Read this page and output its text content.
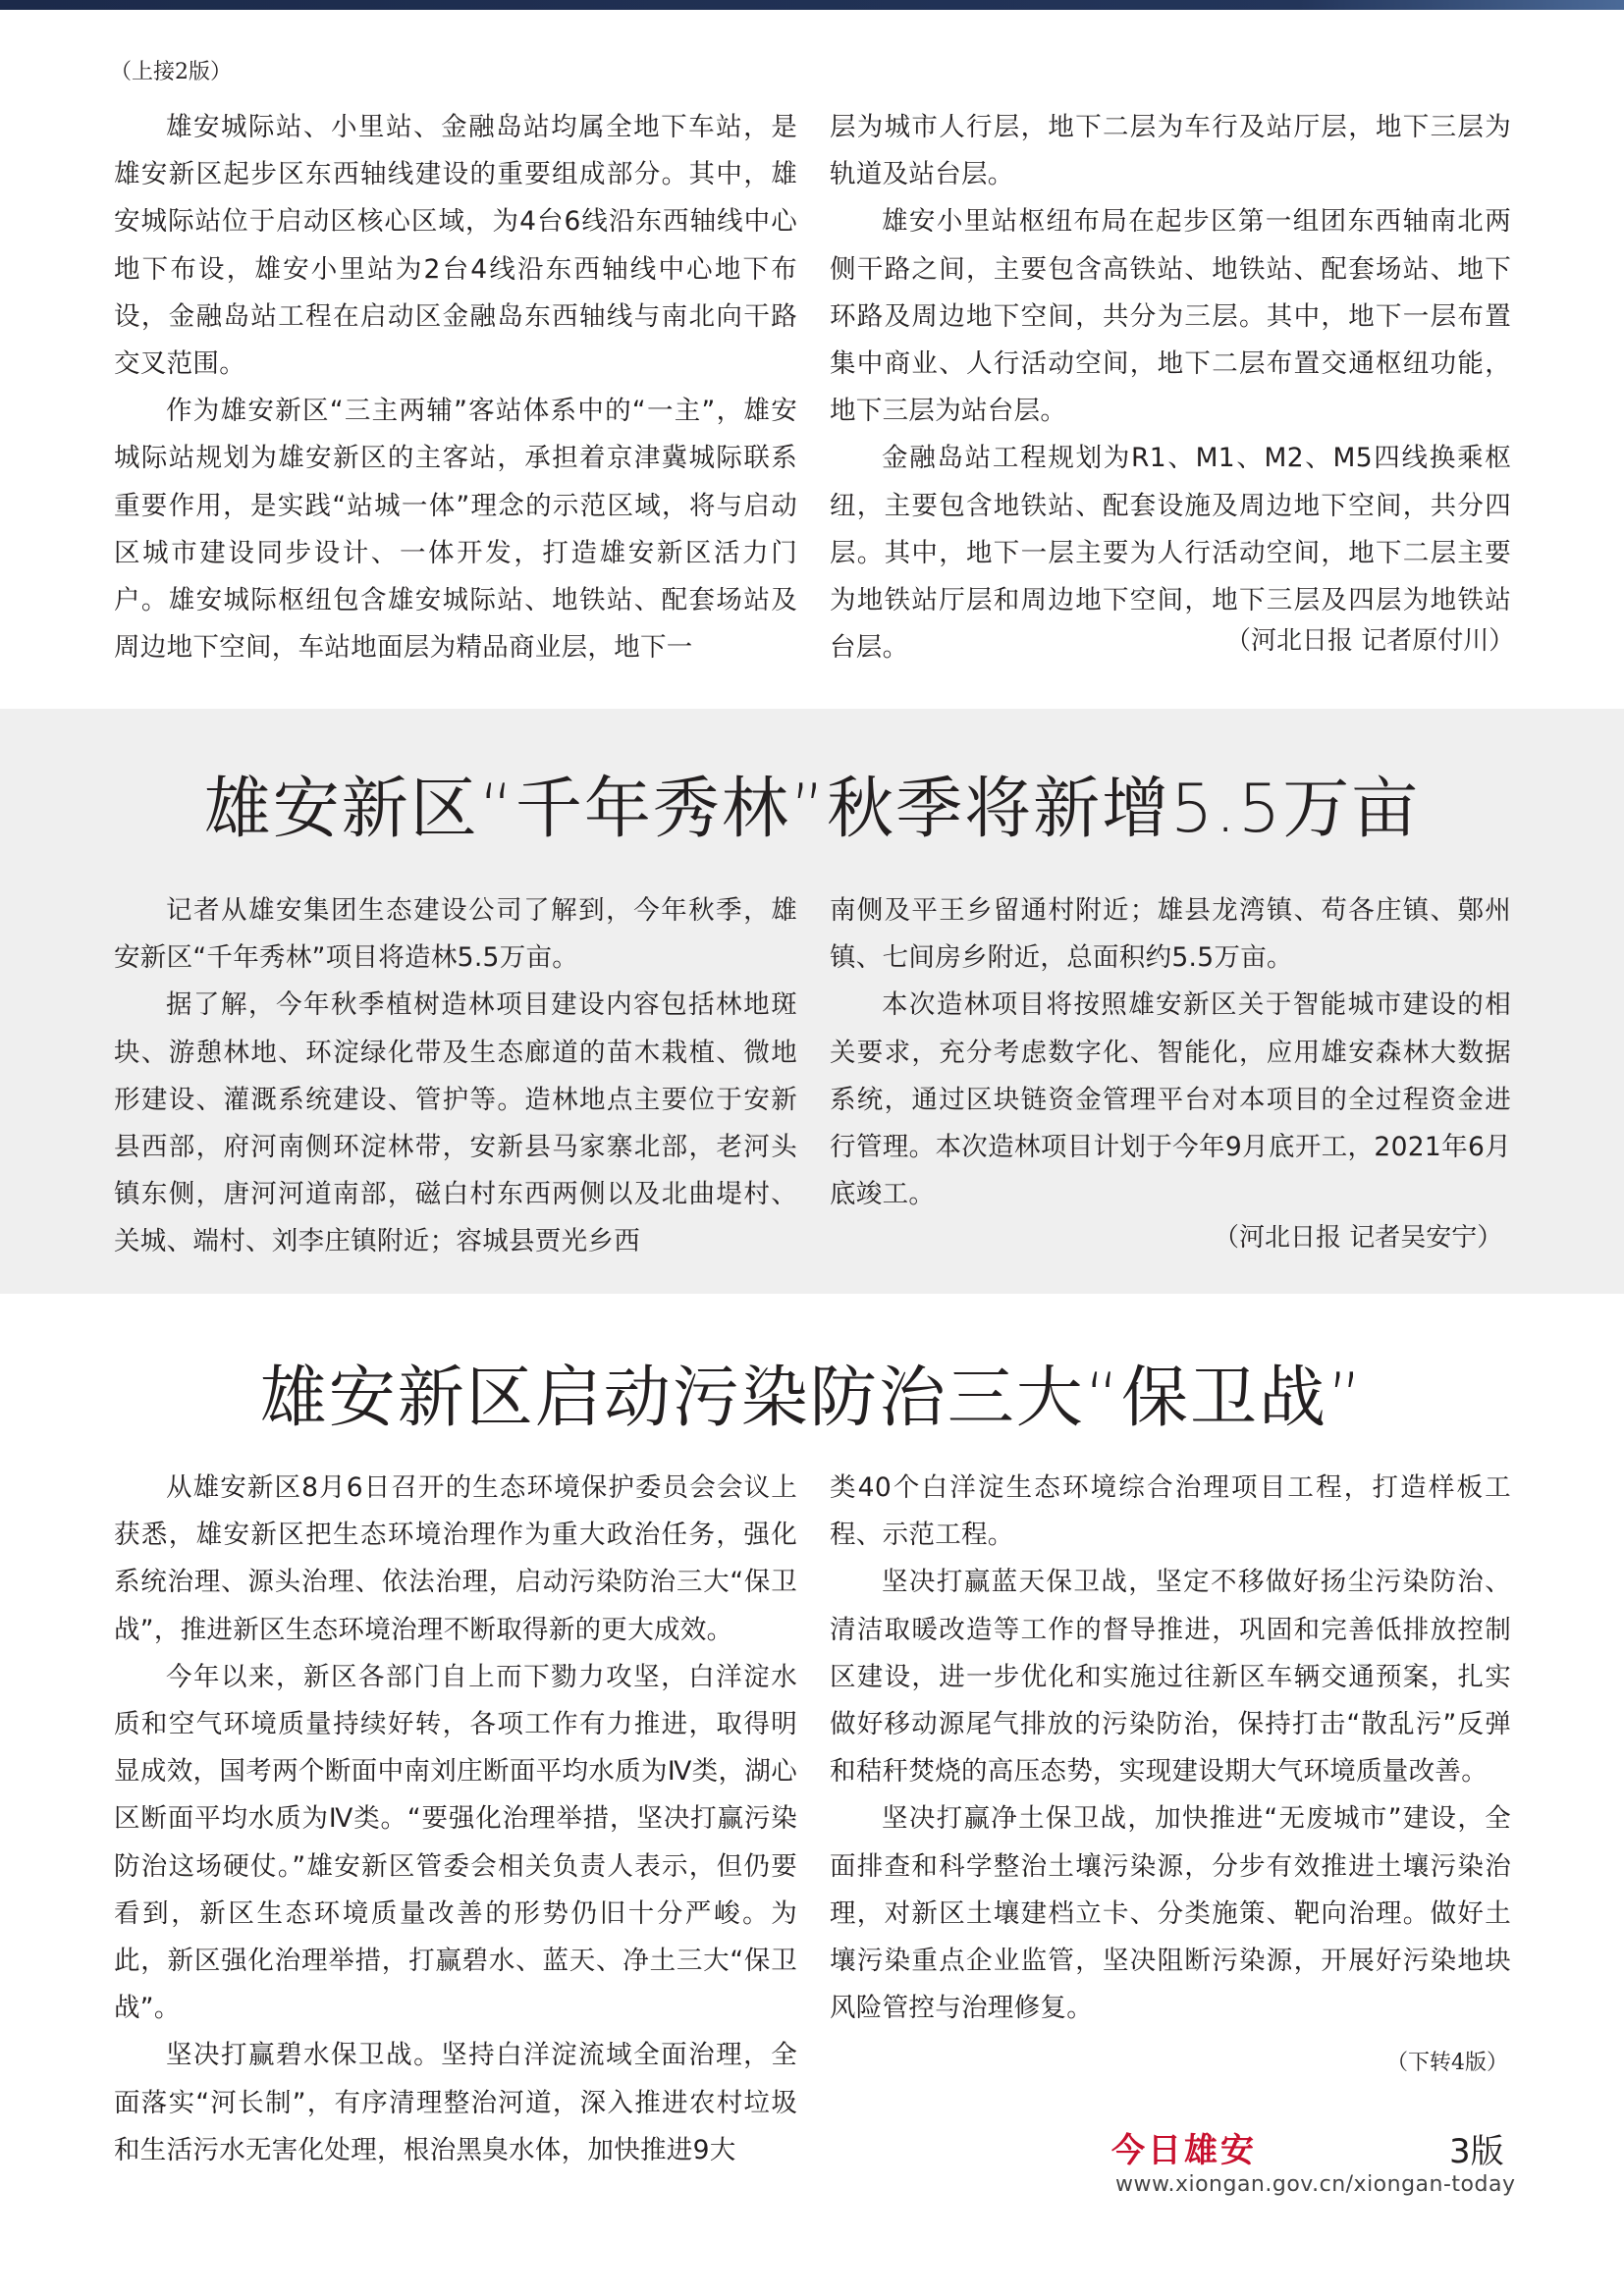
（上接2版）

雄安城际站、小里站、金融岛站均属全地下车站，是雄安新区起步区东西轴线建设的重要组成部分。其中，雄安城际站位于启动区核心区域，为4台6线沿东西轴线中心地下布设，雄安小里站为2台4线沿东西轴线中心地下布设，金融岛站工程在启动区金融岛东西轴线与南北向干路交叉范围。

作为雄安新区“三主两辅”客站体系中的“一主”，雄安城际站规划为雄安新区的主客站，承担着京津冀城际联系重要作用，是实践“站城一体”理念的示范区域，将与启动区城市建设同步设计、一体开发，打造雄安新区活力门户。雄安城际枢纽包含雄安城际站、地铁站、配套场站及周边地下空间，车站地面层为精品商业层，地下一

层为城市人行层，地下二层为车行及站厅层，地下三层为轨道及站台层。

雄安小里站枢纽布局在起步区第一组团东西轴南北两侧干路之间，主要包含高铁站、地铁站、配套场站、地下环路及周边地下空间，共分为三层。其中，地下一层布置集中商业、人行活动空间，地下二层布置交通枢纽功能，地下三层为站台层。

金融岛站工程规划为R1、M1、M2、M5四线换乘枢纽，主要包含地铁站、配套设施及周边地下空间，共分四层。其中，地下一层主要为人行活动空间，地下二层主要为地铁站厅层和周边地下空间，地下三层及四层为地铁站台层。	（河北日报 记者原付川）
雄安新区“千年秀林”秋季将新增5.5万亩

记者从雄安集团生态建设公司了解到，今年秋季，雄安新区“千年秀林”项目将造林5.5万亩。

据了解，今年秋季植树造林项目建设内容包括林地斑块、游憩林地、环淀绿化带及生态廊道的苗木栽植、微地形建设、灌溉系统建设、管护等。造林地点主要位于安新县西部，府河南侧环淀林带，安新县马家寨北部，老河头镇东侧，唐河河道南部，磁白村东西两侧以及北曲堤村、关城、端村、刘李庄镇附近；容城县贾光乡西

南侧及平王乡留通村附近；雄县龙湾镇、苟各庄镇、鄚州镇、七间房乡附近，总面积约5.5万亩。

本次造林项目将按照雄安新区关于智能城市建设的相关要求，充分考虑数字化、智能化，应用雄安森林大数据系统，通过区块链资金管理平台对本项目的全过程资金进行管理。本次造林项目计划于今年9月底开工，2021年6月底竣工。

（河北日报 记者吴安宁）
雄安新区启动污染防治三大“保卫战”

从雄安新区8月6日召开的生态环境保护委员会会议上获悉，雄安新区把生态环境治理作为重大政治任务，强化系统治理、源头治理、依法治理，启动污染防治三大“保卫战”，推进新区生态环境治理不断取得新的更大成效。

今年以来，新区各部门自上而下勠力攻坚，白洋淀水质和空气环境质量持续好转，各项工作有力推进，取得明显成效，国考两个断面中南刘庄断面平均水质为Ⅳ类，湖心区断面平均水质为Ⅳ类。“要强化治理举措，坚决打赢污染防治这场硬仗。”雄安新区管委会相关负责人表示，但仍要看到，新区生态环境质量改善的形势仍旧十分严峻。为此，新区强化治理举措，打赢碧水、蓝天、净土三大“保卫战”。

坚决打赢碧水保卫战。坚持白洋淀流域全面治理，全面落实“河长制”，有序清理整治河道，深入推进农村垃圾和生活污水无害化处理，根治黑臭水体，加快推进9大

类40个白洋淀生态环境综合治理项目工程，打造样板工程、示范工程。

坚决打赢蓝天保卫战，坚定不移做好扬尘污染防治、清洁取暖改造等工作的督导推进，巩固和完善低排放控制区建设，进一步优化和实施过往新区车辆交通预案，扎实做好移动源尾气排放的污染防治，保持打击“散乱污”反弹和秸秆焚烧的高压态势，实现建设期大气环境质量改善。

坚决打赢净土保卫战，加快推进“无废城市”建设，全面排查和科学整治土壤污染源，分步有效推进土壤污染治理，对新区土壤建档立卡、分类施策、靶向治理。做好土壤污染重点企业监管，坚决阻断污染源，开展好污染地块风险管控与治理修复。

（下转4版）
今日雄安	3版
www.xiongan.gov.cn/xiongan-today
